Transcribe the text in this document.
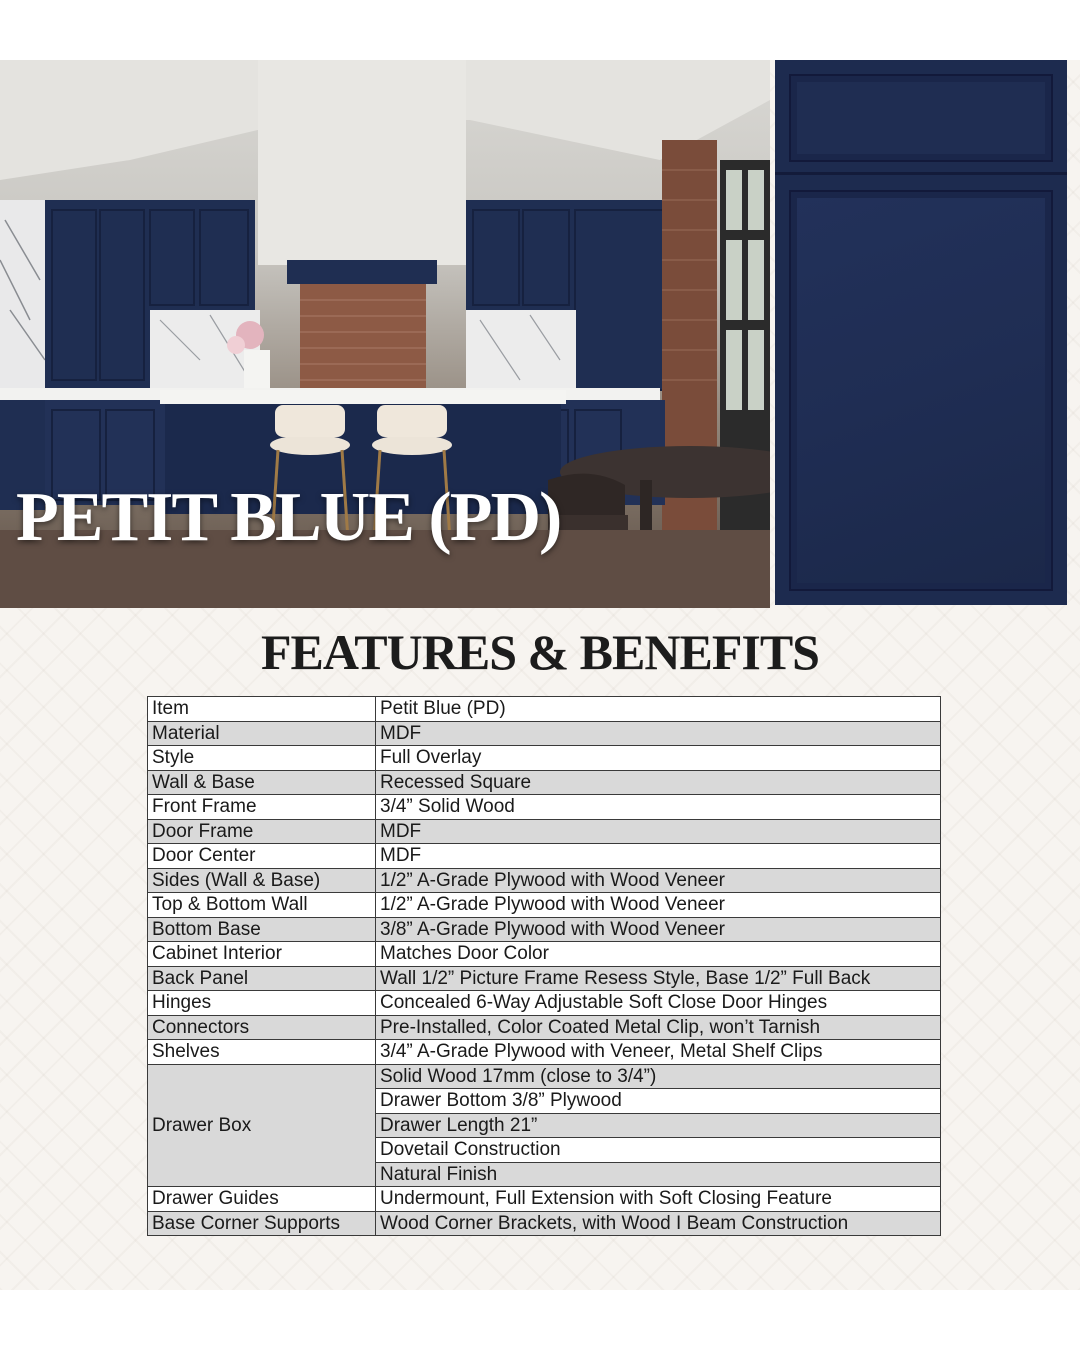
PETIT BLUE (PD)
FEATURES & BENEFITS
Item	Petit Blue (PD)
Material	MDF
Style	Full Overlay
Wall & Base	Recessed Square
Front Frame	3/4” Solid Wood
Door Frame	MDF
Door Center	MDF
Sides (Wall & Base)	1/2” A-Grade Plywood with Wood Veneer
Top & Bottom Wall	1/2” A-Grade Plywood with Wood Veneer
Bottom Base	3/8” A-Grade Plywood with Wood Veneer
Cabinet Interior	Matches Door Color
Back Panel	Wall 1/2” Picture Frame Resess Style, Base 1/2” Full Back
Hinges	Concealed 6-Way Adjustable Soft Close Door Hinges
Connectors	Pre-Installed, Color Coated Metal Clip, won’t Tarnish
Shelves	3/4” A-Grade Plywood with Veneer, Metal Shelf Clips
Drawer Box	Solid Wood 17mm (close to 3/4”)
	Drawer Bottom 3/8” Plywood
	Drawer Length 21”
	Dovetail Construction
	Natural Finish
Drawer Guides	Undermount, Full Extension with Soft Closing Feature
Base Corner Supports	Wood Corner Brackets, with Wood I Beam Construction
